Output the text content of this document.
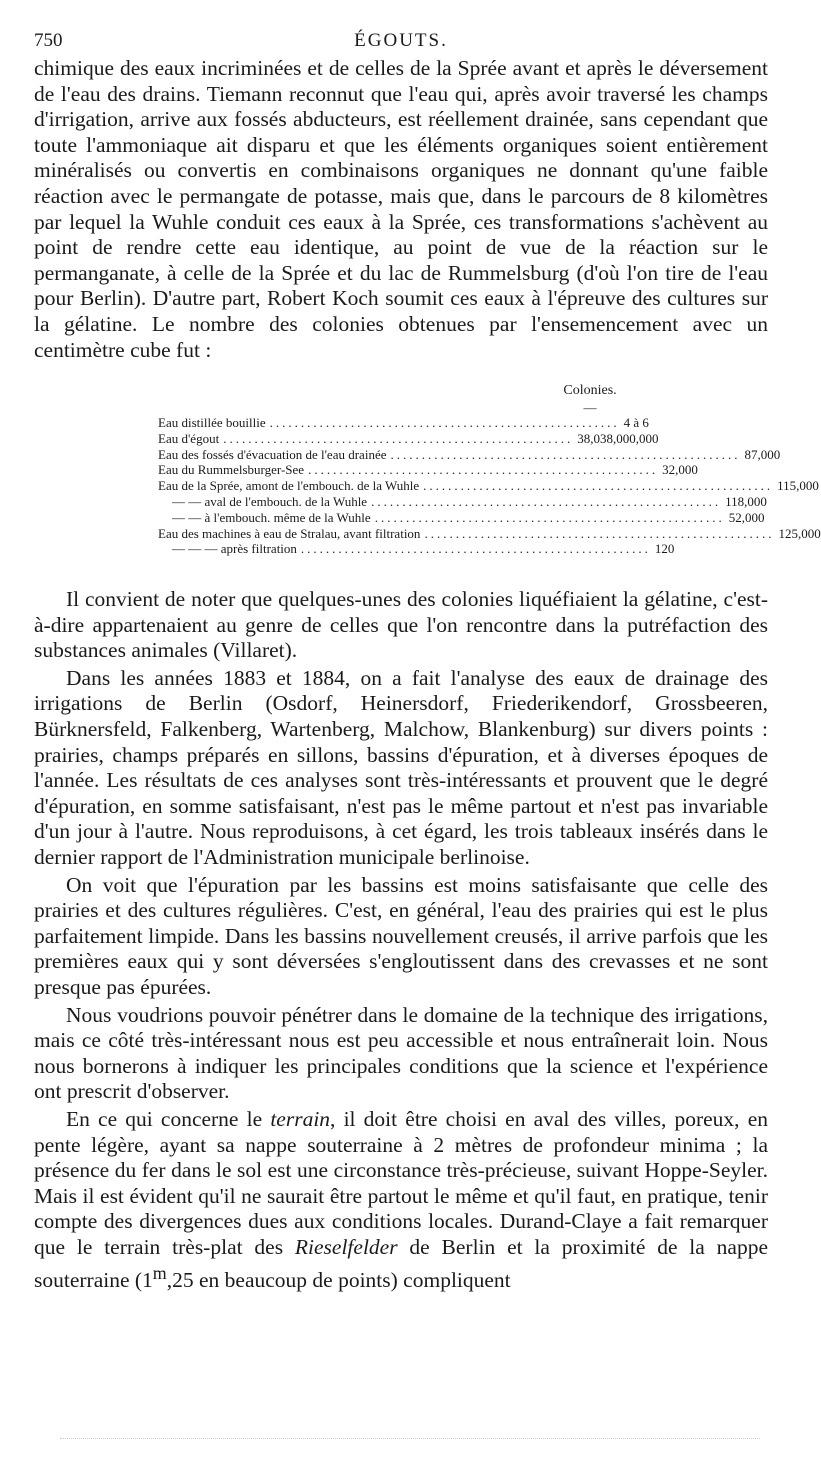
750	ÉGOUTS.

chimique des eaux incriminées et de celles de la Sprée avant et après le déversement de l'eau des drains. Tiemann reconnut que l'eau qui, après avoir traversé les champs d'irrigation, arrive aux fossés abducteurs, est réellement drainée, sans cependant que toute l'ammoniaque ait disparu et que les éléments organiques soient entièrement minéralisés ou convertis en combinaisons organiques ne donnant qu'une faible réaction avec le permangate de potasse, mais que, dans le parcours de 8 kilomètres par lequel la Wuhle conduit ces eaux à la Sprée, ces transformations s'achèvent au point de rendre cette eau identique, au point de vue de la réaction sur le permanganate, à celle de la Sprée et du lac de Rummelsburg (d'où l'on tire de l'eau pour Berlin). D'autre part, Robert Koch soumit ces eaux à l'épreuve des cultures sur la gélatine. Le nombre des colonies obtenues par l'ensemencement avec un centimètre cube fut :

Colonies.
—
Eau distillée bouillie ........................................................ 4 à 6
Eau d'égout ........................................................ 38,038,000,000
Eau des fossés d'évacuation de l'eau drainée ........................................................ 87,000
Eau du Rummelsburger-See ........................................................ 32,000
Eau de la Sprée, amont de l'embouch. de la Wuhle ........................................................ 115,000
— — aval de l'embouch. de la Wuhle ........................................................ 118,000
— — à l'embouch. même de la Wuhle ........................................................ 52,000
Eau des machines à eau de Stralau, avant filtration ........................................................ 125,000
— — — après filtration ........................................................ 120

Il convient de noter que quelques-unes des colonies liquéfiaient la gélatine, c'est-à-dire appartenaient au genre de celles que l'on rencontre dans la putréfaction des substances animales (Villaret).

Dans les années 1883 et 1884, on a fait l'analyse des eaux de drainage des irrigations de Berlin (Osdorf, Heinersdorf, Friederikendorf, Grossbeeren, Bürknersfeld, Falkenberg, Wartenberg, Malchow, Blankenburg) sur divers points : prairies, champs préparés en sillons, bassins d'épuration, et à diverses époques de l'année. Les résultats de ces analyses sont très-intéressants et prouvent que le degré d'épuration, en somme satisfaisant, n'est pas le même partout et n'est pas invariable d'un jour à l'autre. Nous reproduisons, à cet égard, les trois tableaux insérés dans le dernier rapport de l'Administration municipale berlinoise.

On voit que l'épuration par les bassins est moins satisfaisante que celle des prairies et des cultures régulières. C'est, en général, l'eau des prairies qui est le plus parfaitement limpide. Dans les bassins nouvellement creusés, il arrive parfois que les premières eaux qui y sont déversées s'engloutissent dans des crevasses et ne sont presque pas épurées.

Nous voudrions pouvoir pénétrer dans le domaine de la technique des irrigations, mais ce côté très-intéressant nous est peu accessible et nous entraînerait loin. Nous nous bornerons à indiquer les principales conditions que la science et l'expérience ont prescrit d'observer.

En ce qui concerne le terrain, il doit être choisi en aval des villes, poreux, en pente légère, ayant sa nappe souterraine à 2 mètres de profondeur minima ; la présence du fer dans le sol est une circonstance très-précieuse, suivant Hoppe-Seyler. Mais il est évident qu'il ne saurait être partout le même et qu'il faut, en pratique, tenir compte des divergences dues aux conditions locales. Durand-Claye a fait remarquer que le terrain très-plat des Rieselfelder de Berlin et la proximité de la nappe souterraine (1$^m$,25 en beaucoup de points) compliquent
